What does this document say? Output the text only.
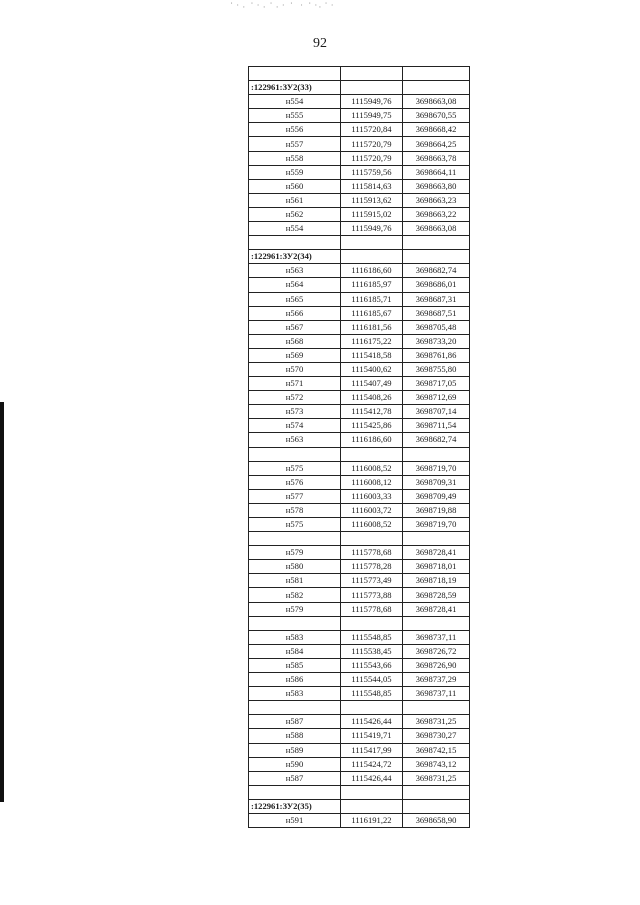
⠁⠂⠄⠈⠐⠠ ⠁⠄⠂⠈ ⠂⠈⠐⠄⠁⠂
92

:122961:ЗУ2(33)		
н554	1115949,76	3698663,08
н555	1115949,75	3698670,55
н556	1115720,84	3698668,42
н557	1115720,79	3698664,25
н558	1115720,79	3698663,78
н559	1115759,56	3698664,11
н560	1115814,63	3698663,80
н561	1115913,62	3698663,23
н562	1115915,02	3698663,22
н554	1115949,76	3698663,08

:122961:ЗУ2(34)		
н563	1116186,60	3698682,74
н564	1116185,97	3698686,01
н565	1116185,71	3698687,31
н566	1116185,67	3698687,51
н567	1116181,56	3698705,48
н568	1116175,22	3698733,20
н569	1115418,58	3698761,86
н570	1115400,62	3698755,80
н571	1115407,49	3698717,05
н572	1115408,26	3698712,69
н573	1115412,78	3698707,14
н574	1115425,86	3698711,54
н563	1116186,60	3698682,74

н575	1116008,52	3698719,70
н576	1116008,12	3698709,31
н577	1116003,33	3698709,49
н578	1116003,72	3698719,88
н575	1116008,52	3698719,70

н579	1115778,68	3698728,41
н580	1115778,28	3698718,01
н581	1115773,49	3698718,19
н582	1115773,88	3698728,59
н579	1115778,68	3698728,41

н583	1115548,85	3698737,11
н584	1115538,45	3698726,72
н585	1115543,66	3698726,90
н586	1115544,05	3698737,29
н583	1115548,85	3698737,11

н587	1115426,44	3698731,25
н588	1115419,71	3698730,27
н589	1115417,99	3698742,15
н590	1115424,72	3698743,12
н587	1115426,44	3698731,25

:122961:ЗУ2(35)		
н591	1116191,22	3698658,90
